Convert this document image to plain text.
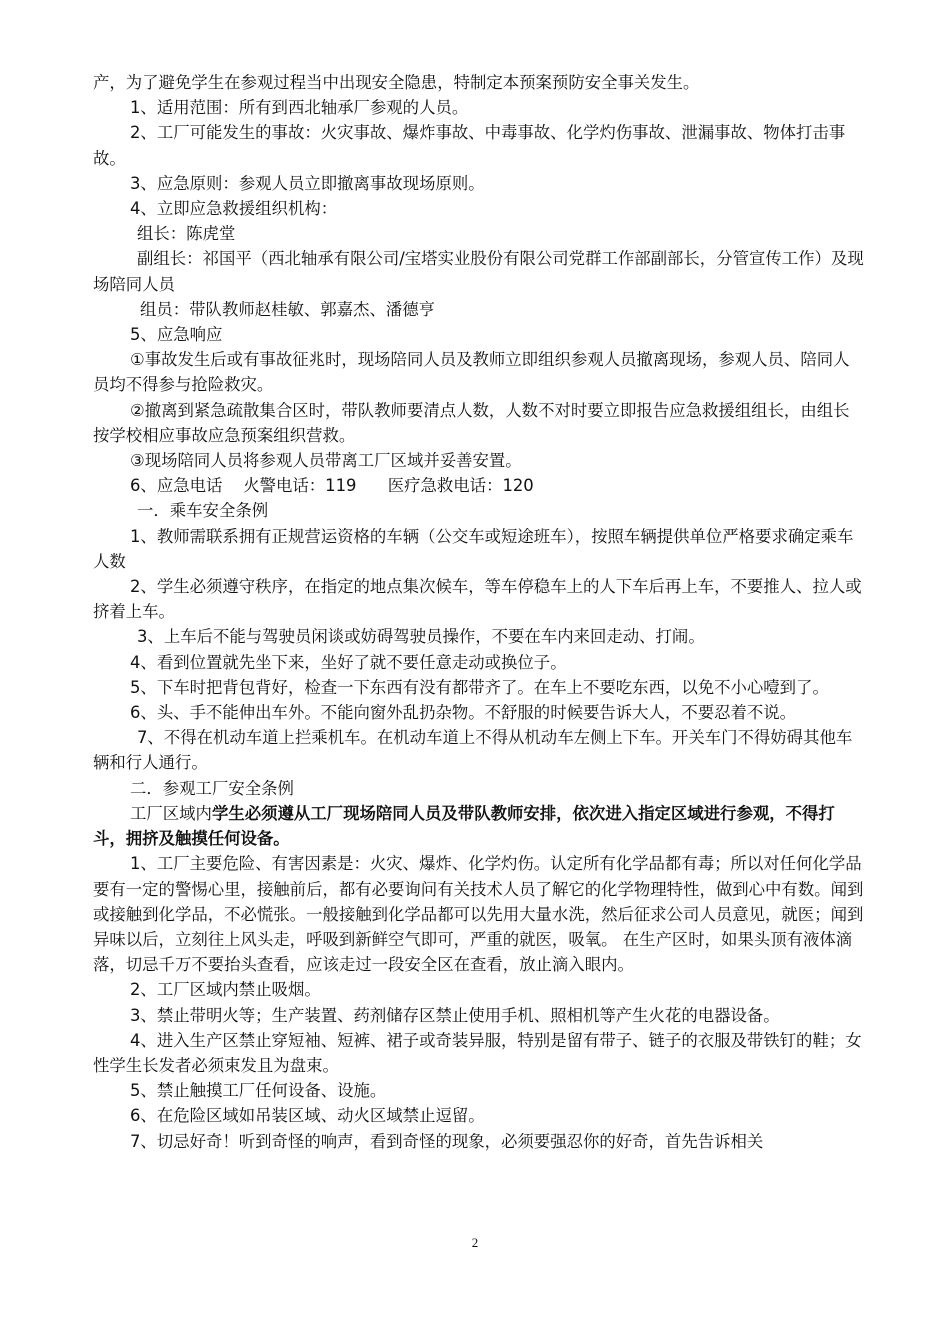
产，为了避免学生在参观过程当中出现安全隐患，特制定本预案预防安全事关发生。

1、适用范围：所有到西北轴承厂参观的人员。

2、工厂可能发生的事故：火灾事故、爆炸事故、中毒事故、化学灼伤事故、泄漏事故、物体打击事故。

3、应急原则：参观人员立即撤离事故现场原则。

4、立即应急救援组织机构：

组长：陈虎堂

副组长：祁国平（西北轴承有限公司/宝塔实业股份有限公司党群工作部副部长，分管宣传工作）及现场陪同人员

组员：带队教师赵桂敏、郭嘉杰、潘德亨

5、应急响应

①事故发生后或有事故征兆时，现场陪同人员及教师立即组织参观人员撤离现场，参观人员、陪同人员均不得参与抢险救灾。

②撤离到紧急疏散集合区时，带队教师要清点人数，人数不对时要立即报告应急救援组组长，由组长按学校相应事故应急预案组织营救。

③现场陪同人员将参观人员带离工厂区域并妥善安置。

6、应急电话    火警电话：119      医疗急救电话：120

一．乘车安全条例

1、教师需联系拥有正规营运资格的车辆（公交车或短途班车），按照车辆提供单位严格要求确定乘车人数

2、学生必须遵守秩序，在指定的地点集次候车，等车停稳车上的人下车后再上车，不要推人、拉人或挤着上车。

3、上车后不能与驾驶员闲谈或妨碍驾驶员操作，不要在车内来回走动、打闹。

4、看到位置就先坐下来，坐好了就不要任意走动或换位子。

5、下车时把背包背好，检查一下东西有没有都带齐了。在车上不要吃东西，以免不小心噎到了。

6、头、手不能伸出车外。不能向窗外乱扔杂物。不舒服的时候要告诉大人，不要忍着不说。

7、不得在机动车道上拦乘机车。在机动车道上不得从机动车左侧上下车。开关车门不得妨碍其他车辆和行人通行。

二．参观工厂安全条例

工厂区域内学生必须遵从工厂现场陪同人员及带队教师安排，依次进入指定区域进行参观，不得打斗，拥挤及触摸任何设备。

1、工厂主要危险、有害因素是：火灾、爆炸、化学灼伤。认定所有化学品都有毒；所以对任何化学品要有一定的警惕心里，接触前后，都有必要询问有关技术人员了解它的化学物理特性，做到心中有数。闻到或接触到化学品，不必慌张。一般接触到化学品都可以先用大量水洗，然后征求公司人员意见，就医；闻到异味以后，立刻往上风头走，呼吸到新鲜空气即可，严重的就医，吸氧。 在生产区时，如果头顶有液体滴落，切忌千万不要抬头查看，应该走过一段安全区在查看，放止滴入眼内。

2、工厂区域内禁止吸烟。

3、禁止带明火等；生产装置、药剂储存区禁止使用手机、照相机等产生火花的电器设备。

4、进入生产区禁止穿短袖、短裤、裙子或奇装异服，特别是留有带子、链子的衣服及带铁钉的鞋；女性学生长发者必须束发且为盘束。

5、禁止触摸工厂任何设备、设施。

6、在危险区域如吊装区域、动火区域禁止逗留。

7、切忌好奇！听到奇怪的响声，看到奇怪的现象，必须要强忍你的好奇，首先告诉相关

2
